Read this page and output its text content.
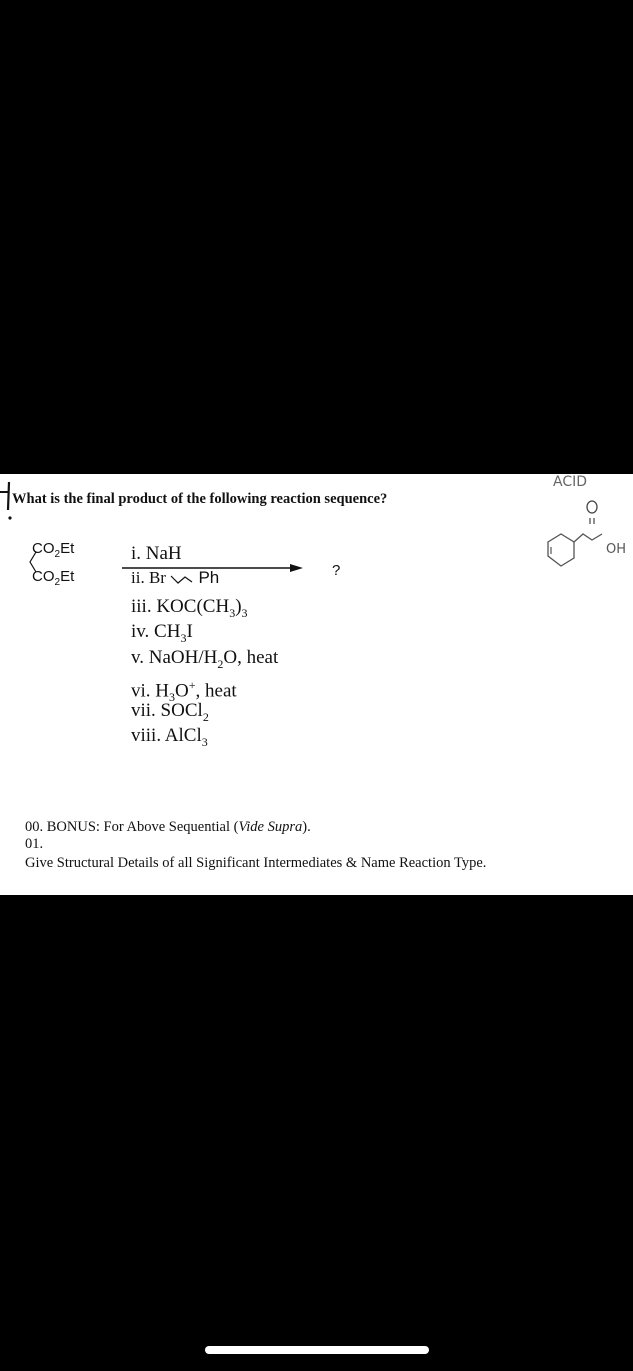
What is the final product of the following reaction sequence?
$CO_2Et$
$CO_2Et$	?
i. NaH
ii. Br Ph
iii. $KOC(CH_3)_3$
iv. $CH_3I$
v. NaOH/$H_2O$, heat
vi. $H_3O^+$, heat
vii. SOCl$_2$
viii. AlCl$_3$
00. BONUS: For Above Sequential (Vide Supra).
01.
Give Structural Details of all Significant Intermediates & Name Reaction Type.
ACID
OH
